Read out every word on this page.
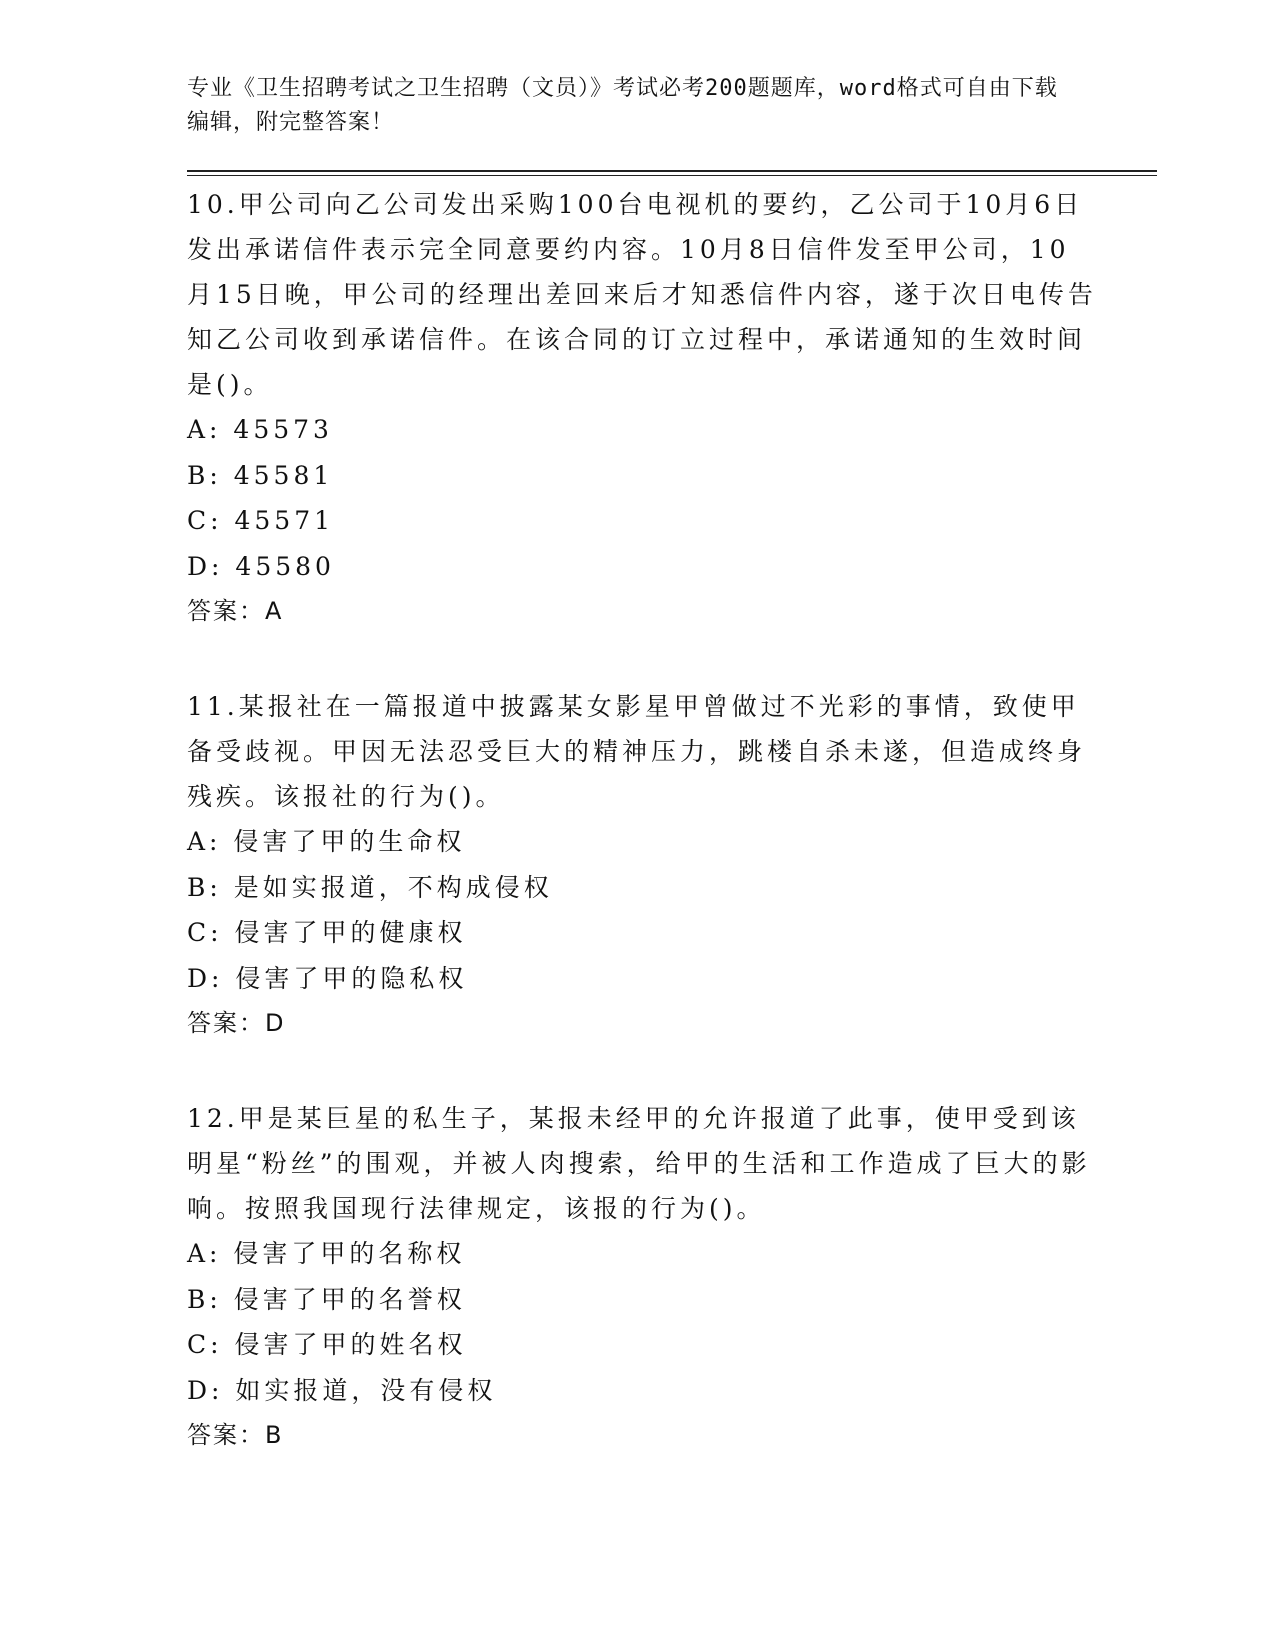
专业《卫生招聘考试之卫生招聘（文员）》考试必考200题题库，word格式可自由下载编辑，附完整答案！

10.甲公司向乙公司发出采购100台电视机的要约，乙公司于10月6日发出承诺信件表示完全同意要约内容。10月8日信件发至甲公司，10月15日晚，甲公司的经理出差回来后才知悉信件内容，遂于次日电传告知乙公司收到承诺信件。在该合同的订立过程中，承诺通知的生效时间是()。

A: 45573

B: 45581

C: 45571

D: 45580

答案：A

11.某报社在一篇报道中披露某女影星甲曾做过不光彩的事情，致使甲备受歧视。甲因无法忍受巨大的精神压力，跳楼自杀未遂，但造成终身残疾。该报社的行为()。

A: 侵害了甲的生命权

B: 是如实报道，不构成侵权

C: 侵害了甲的健康权

D: 侵害了甲的隐私权

答案：D

12.甲是某巨星的私生子，某报未经甲的允许报道了此事，使甲受到该明星“粉丝”的围观，并被人肉搜索，给甲的生活和工作造成了巨大的影响。按照我国现行法律规定，该报的行为()。

A: 侵害了甲的名称权

B: 侵害了甲的名誉权

C: 侵害了甲的姓名权

D: 如实报道，没有侵权

答案：B
